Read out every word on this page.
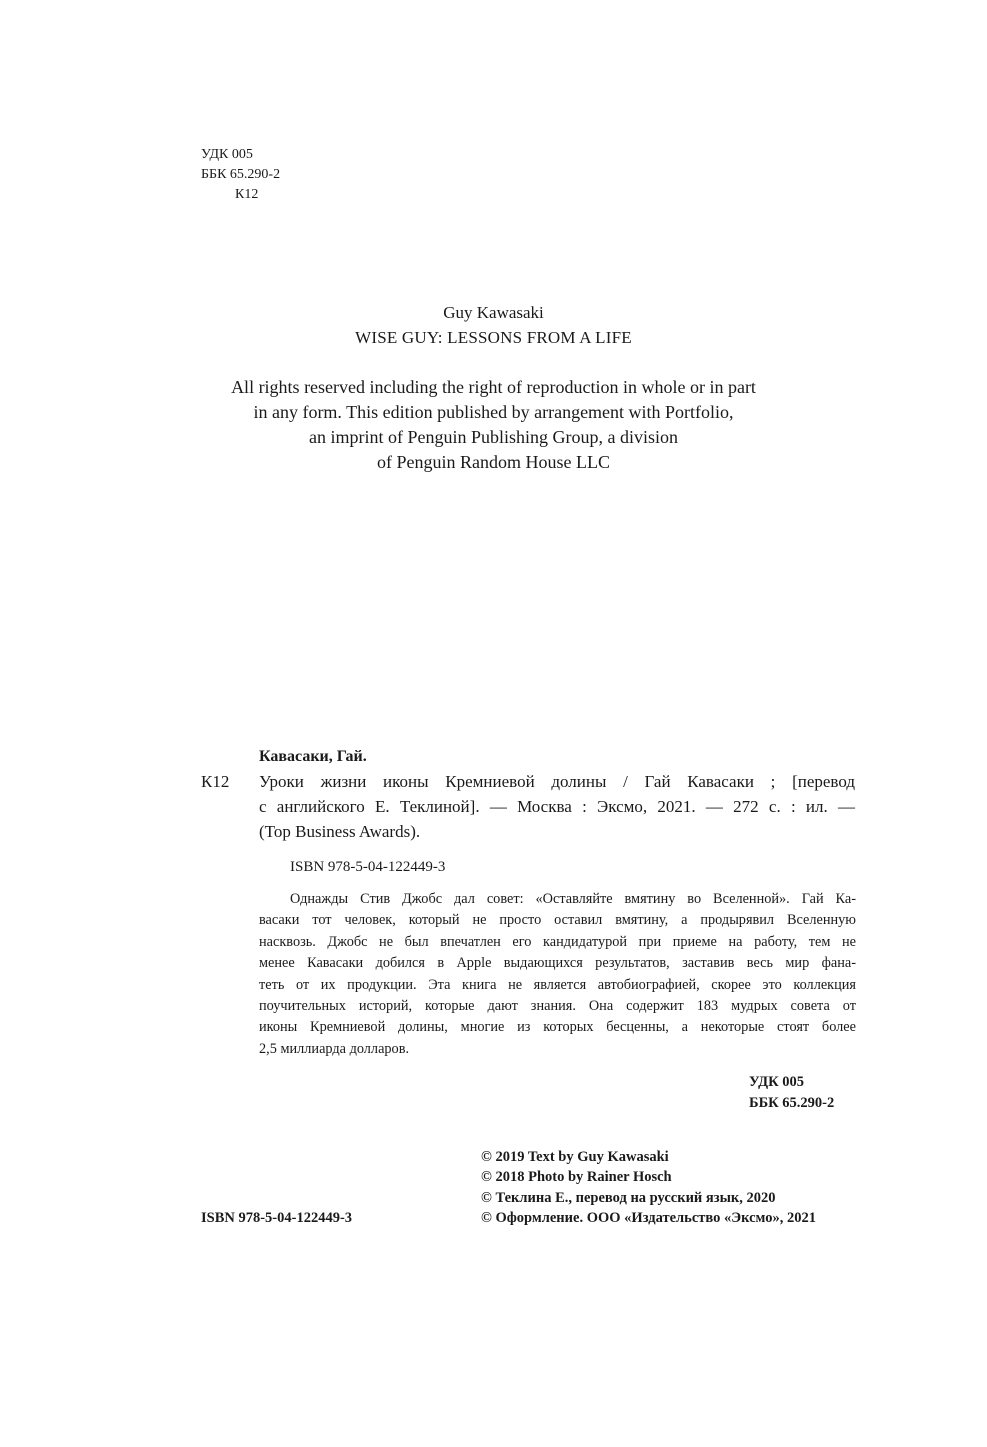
УДК 005
ББК 65.290-2
К12
Guy Kawasaki
WISE GUY: LESSONS FROM A LIFE
All rights reserved including the right of reproduction in whole or in part
in any form. This edition published by arrangement with Portfolio,
an imprint of Penguin Publishing Group, a division
of Penguin Random House LLC
Кавасаки, Гай.
К12 Уроки жизни иконы Кремниевой долины / Гай Кавасаки ; [перевод
с английского Е. Теклиной]. — Москва : Эксмо, 2021. — 272 с. : ил. —
(Top Business Awards).
ISBN 978-5-04-122449-3
Однажды Стив Джобс дал совет: «Оставляйте вмятину во Вселенной». Гай Ка-
васаки тот человек, который не просто оставил вмятину, а продырявил Вселенную
насквозь. Джобс не был впечатлен его кандидатурой при приеме на работу, тем не
менее Кавасаки добился в Apple выдающихся результатов, заставив весь мир фана-
теть от их продукции. Эта книга не является автобиографией, скорее это коллекция
поучительных историй, которые дают знания. Она содержит 183 мудрых совета от
иконы Кремниевой долины, многие из которых бесценны, а некоторые стоят более
2,5 миллиарда долларов.
УДК 005
ББК 65.290-2
© 2019 Text by Guy Kawasaki
© 2018 Photo by Rainer Hosch
© Теклина Е., перевод на русский язык, 2020
© Оформление. ООО «Издательство «Эксмо», 2021
ISBN 978-5-04-122449-3
